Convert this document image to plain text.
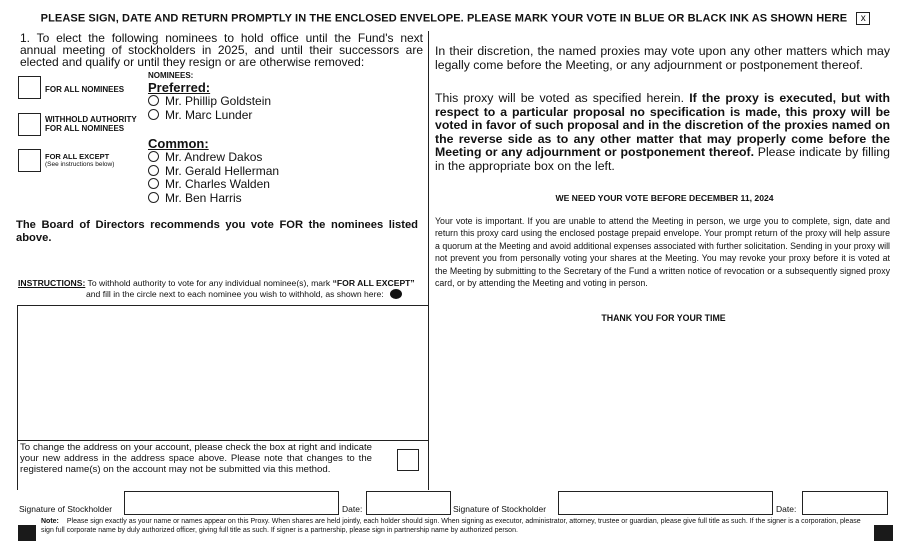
PLEASE SIGN, DATE AND RETURN PROMPTLY IN THE ENCLOSED ENVELOPE. PLEASE MARK YOUR VOTE IN BLUE OR BLACK INK AS SHOWN HERE x
1. To elect the following nominees to hold office until the Fund's next
annual meeting of stockholders in 2025, and until their successors are
elected and qualify or until they resign or are otherwise removed:
NOMINEES:
FOR ALL NOMINEES
WITHHOLD AUTHORITY
FOR ALL NOMINEES
FOR ALL EXCEPT
(See instructions below)
Preferred:
Mr. Phillip Goldstein
Mr. Marc Lunder
Common:
Mr. Andrew Dakos
Mr. Gerald Hellerman
Mr. Charles Walden
Mr. Ben Harris
The Board of Directors recommends you vote FOR the nominees listed above.
INSTRUCTIONS: To withhold authority to vote for any individual nominee(s), mark “FOR ALL EXCEPT”
and fill in the circle next to each nominee you wish to withhold, as shown here:
To change the address on your account, please check the box at right and indicate your new address in the address space above. Please note that changes to the registered name(s) on the account may not be submitted via this method.
In their discretion, the named proxies may vote upon any other matters which may legally come before the Meeting, or any adjournment or postponement thereof.
This proxy will be voted as specified herein. If the proxy is executed, but with respect to a particular proposal no specification is made, this proxy will be voted in favor of such proposal and in the discretion of the proxies named on the reverse side as to any other matter that may properly come before the Meeting or any adjournment or postponement thereof. Please indicate by filling in the appropriate box on the left.
WE NEED YOUR VOTE BEFORE DECEMBER 11, 2024
Your vote is important. If you are unable to attend the Meeting in person, we urge you to complete, sign, date and return this proxy card using the enclosed postage prepaid envelope. Your prompt return of the proxy will help assure a quorum at the Meeting and avoid additional expenses associated with further solicitation. Sending in your proxy will not prevent you from personally voting your shares at the Meeting. You may revoke your proxy before it is voted at the Meeting by submitting to the Secretary of the Fund a written notice of revocation or a subsequently signed proxy card, or by attending the Meeting and voting in person.
THANK YOU FOR YOUR TIME
Signature of Stockholder	Date:	Signature of Stockholder	Date:
Note: Please sign exactly as your name or names appear on this Proxy. When shares are held jointly, each holder should sign. When signing as executor, administrator, attorney, trustee or guardian, please give full title as such. If the signer is a corporation, please sign full corporate name by duly authorized officer, giving full title as such. If signer is a partnership, please sign in partnership name by authorized person.
